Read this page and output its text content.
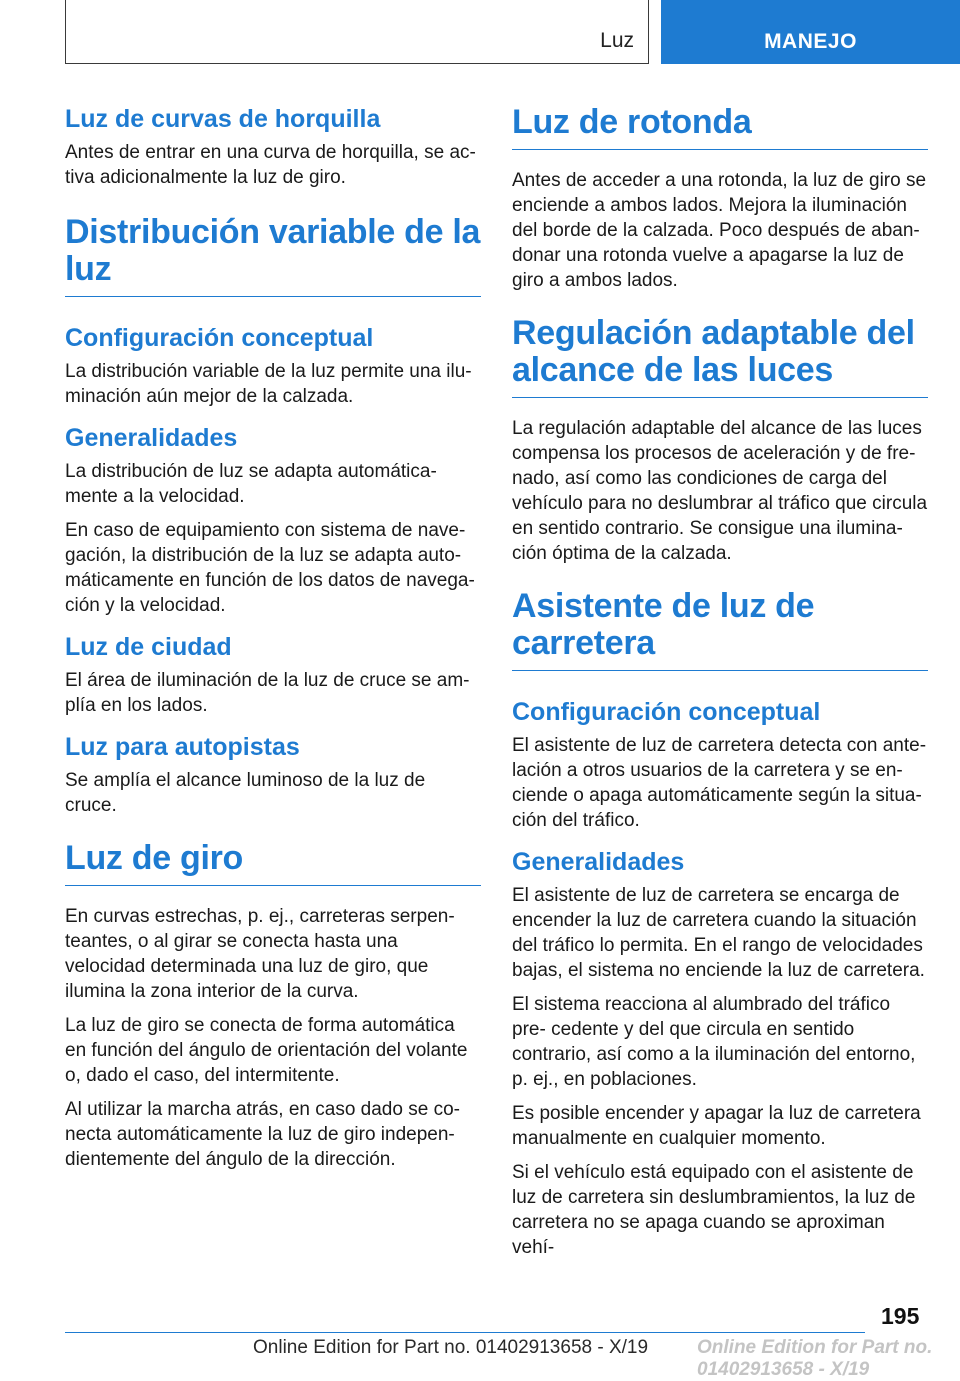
Luz	MANEJO
Luz de curvas de horquilla

Antes de entrar en una curva de horquilla, se ac- tiva adicionalmente la luz de giro.

Distribución variable de la luz
Configuración conceptual

La distribución variable de la luz permite una ilu- minación aún mejor de la calzada.

Generalidades

La distribución de luz se adapta automática- mente a la velocidad.

En caso de equipamiento con sistema de nave- gación, la distribución de la luz se adapta auto- máticamente en función de los datos de navega- ción y la velocidad.

Luz de ciudad

El área de iluminación de la luz de cruce se am- plía en los lados.

Luz para autopistas

Se amplía el alcance luminoso de la luz de cruce.

Luz de giro

En curvas estrechas, p. ej., carreteras serpen- teantes, o al girar se conecta hasta una velocidad determinada una luz de giro, que ilumina la zona interior de la curva.

La luz de giro se conecta de forma automática en función del ángulo de orientación del volante o, dado el caso, del intermitente.

Al utilizar la marcha atrás, en caso dado se co- necta automáticamente la luz de giro indepen- dientemente del ángulo de la dirección.

Luz de rotonda

Antes de acceder a una rotonda, la luz de giro se enciende a ambos lados. Mejora la iluminación del borde de la calzada. Poco después de aban- donar una rotonda vuelve a apagarse la luz de giro a ambos lados.

Regulación adaptable del alcance de las luces

La regulación adaptable del alcance de las luces compensa los procesos de aceleración y de fre- nado, así como las condiciones de carga del vehículo para no deslumbrar al tráfico que circula en sentido contrario. Se consigue una ilumina- ción óptima de la calzada.

Asistente de luz de carretera
Configuración conceptual

El asistente de luz de carretera detecta con ante- lación a otros usuarios de la carretera y se en- ciende o apaga automáticamente según la situa- ción del tráfico.

Generalidades

El asistente de luz de carretera se encarga de encender la luz de carretera cuando la situación del tráfico lo permita. En el rango de velocidades bajas, el sistema no enciende la luz de carretera.

El sistema reacciona al alumbrado del tráfico pre- cedente y del que circula en sentido contrario, así como a la iluminación del entorno, p. ej., en poblaciones.

Es posible encender y apagar la luz de carretera manualmente en cualquier momento.

Si el vehículo está equipado con el asistente de luz de carretera sin deslumbramientos, la luz de carretera no se apaga cuando se aproximan vehí-

195
Online Edition for Part no. 01402913658 - X/19	Online Edition for Part no. 01402913658 - X/19
